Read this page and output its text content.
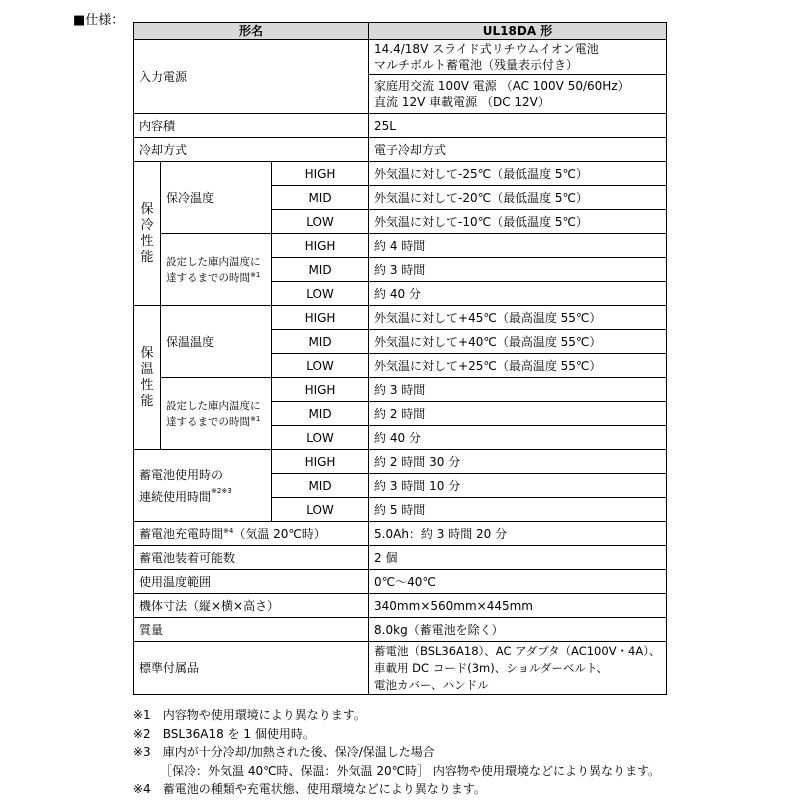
■仕様：
形名			UL18DA 形
入力電源			14.4/18V スライド式リチウムイオン電池
マルチボルト蓄電池（残量表示付き）
			家庭用交流 100V 電源 （AC 100V 50/60Hz）
直流 12V 車載電源 （DC 12V）
内容積			25L
冷却方式			電子冷却方式

保
冷
性
能	保冷温度	HIGH	外気温に対して-25℃（最低温度 5℃）
		MID	外気温に対して-20℃（最低温度 5℃）
		LOW	外気温に対して-10℃（最低温度 5℃）
	設定した庫内温度に
達するまでの時間$^{※1}$	HIGH	約 4 時間
		MID	約 3 時間
		LOW	約 40 分

保
温
性
能	保温温度	HIGH	外気温に対して+45℃（最高温度 55℃）
		MID	外気温に対して+40℃（最高温度 55℃）
		LOW	外気温に対して+25℃（最高温度 55℃）
	設定した庫内温度に
達するまでの時間$^{※1}$	HIGH	約 3 時間
		MID	約 2 時間
		LOW	約 40 分
蓄電池使用時の
連続使用時間$^{※2※3}$		HIGH	約 2 時間 30 分
		MID	約 3 時間 10 分
		LOW	約 5 時間
蓄電池充電時間$^{※4}$（気温 20℃時）			5.0Ah：約 3 時間 20 分
蓄電池装着可能数			2 個
使用温度範囲			0℃～40℃
機体寸法（縦×横×高さ）			340mm×560mm×445mm
質量			8.0kg（蓄電池を除く）
標準付属品			蓄電池（BSL36A18）、AC アダプタ（AC100V・4A）、
車載用 DC コード(3m)、ショルダーベルト、
電池カバー、ハンドル
※1　内容物や使用環境により異なります。
※2　BSL36A18 を 1 個使用時。
※3　庫内が十分冷却/加熱された後、保冷/保温した場合
［保冷：外気温 40℃時、保温：外気温 20℃時］ 内容物や使用環境などにより異なります。
※4　蓄電池の種類や充電状態、使用環境などにより異なります。
